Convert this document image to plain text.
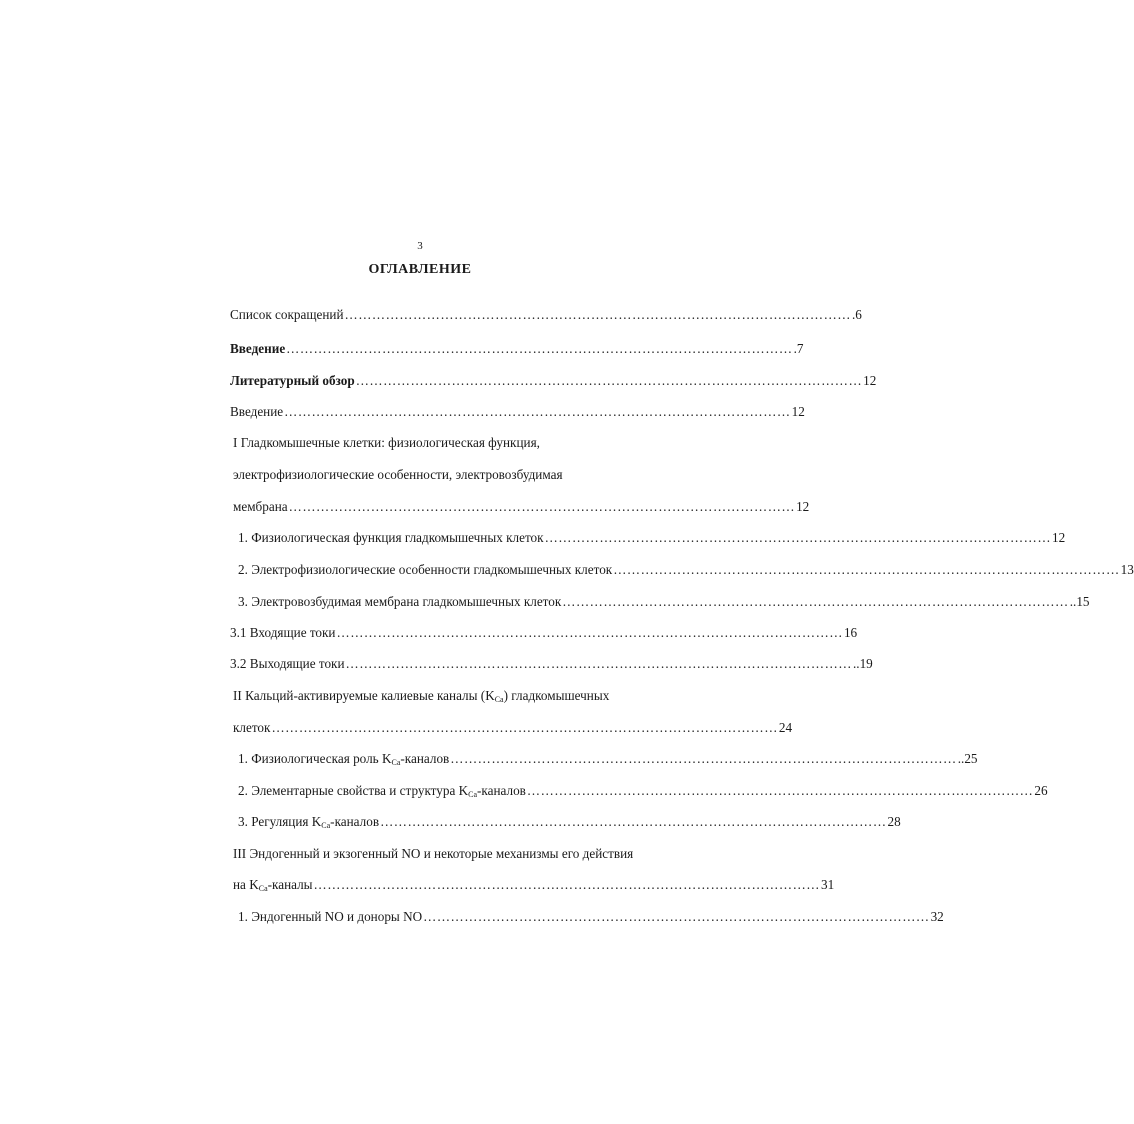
3
ОГЛАВЛЕНИЕ
Список сокращений ………………………………………………………………………………………………… .6
Введение ………………………………………………………………………………………………… .7
Литературный обзор ………………………………………………………………………………………………… 12
Введение ………………………………………………………………………………………………… 12
I Гладкомышечные клетки: физиологическая функция,
электрофизиологические особенности, электровозбудимая
мембрана ………………………………………………………………………………………………… 12
1. Физиологическая функция гладкомышечных клеток ………………………………………………………………………………………………… 12
2. Электрофизиологические особенности гладкомышечных клеток ………………………………………………………………………………………………… 13
3. Электровозбудимая мембрана гладкомышечных клеток ………………………………………………………………………………………………… ..15
3.1 Входящие токи ………………………………………………………………………………………………… 16
3.2 Выходящие токи ………………………………………………………………………………………………… ..19
II Кальций-активируемые калиевые каналы $(K_{Ca})$ гладкомышечных
клеток ………………………………………………………………………………………………… 24
1. Физиологическая роль $K_{Ca}$-каналов ………………………………………………………………………………………………… ..25
2. Элементарные свойства и структура $K_{Ca}$-каналов ………………………………………………………………………………………………… 26
3. Регуляция $K_{Ca}$-каналов ………………………………………………………………………………………………… 28
III Эндогенный и экзогенный NO и некоторые механизмы его действия
на $K_{Ca}$-каналы ………………………………………………………………………………………………… 31
1. Эндогенный NO и доноры NO ………………………………………………………………………………………………… 32
